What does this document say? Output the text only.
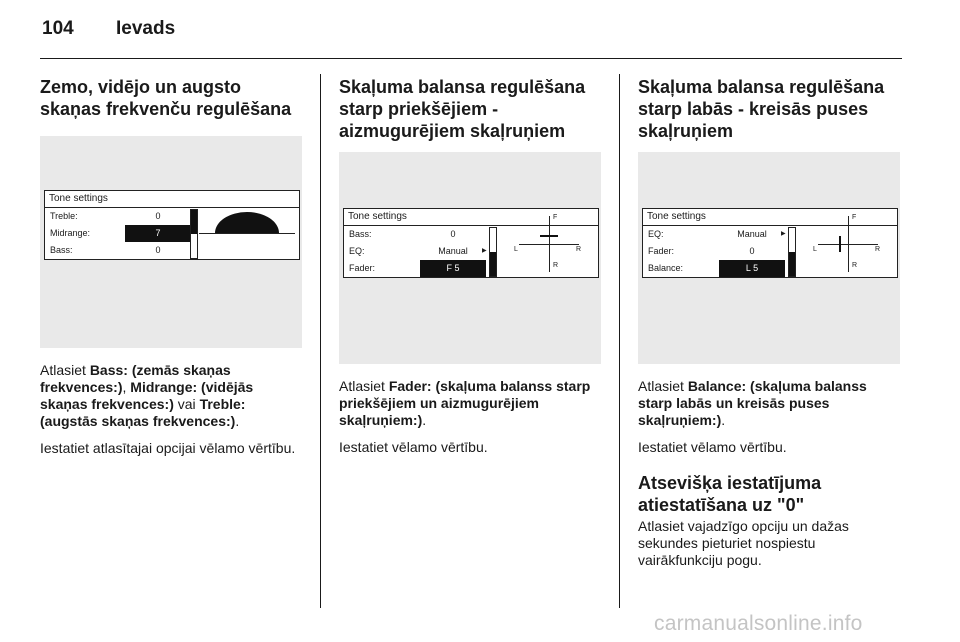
104 Ievads
Zemo, vidējo un augsto skaņas frekvenču regulēšana
Tone settings
Treble:	0
Midrange:	7
Bass:	0

Atlasiet Bass: (zemās skaņas frekvences:), Midrange: (vidējās skaņas frekvences:) vai Treble: (augstās skaņas frekvences:).

Iestatiet atlasītajai opcijai vēlamo vērtību.

Skaļuma balansa regulēšana starp priekšējiem - aizmugurējiem skaļruņiem
Tone settings
Bass:	0
EQ:	Manual	▶
Fader:	F 5
F
R
L	R

Atlasiet Fader: (skaļuma balanss starp priekšējiem un aizmugurējiem skaļruņiem:).

Iestatiet vēlamo vērtību.

Skaļuma balansa regulēšana starp labās - kreisās puses skaļruņiem
Tone settings
EQ:	Manual	▶
Fader:	0
Balance:	L 5
F
R
L	R

Atlasiet Balance: (skaļuma balanss starp labās un kreisās puses skaļruņiem:).

Iestatiet vēlamo vērtību.

Atsevišķa iestatījuma atiestatīšana uz "0"

Atlasiet vajadzīgo opciju un dažas sekundes pieturiet nospiestu vairākfunkciju pogu.

carmanualsonline.info
